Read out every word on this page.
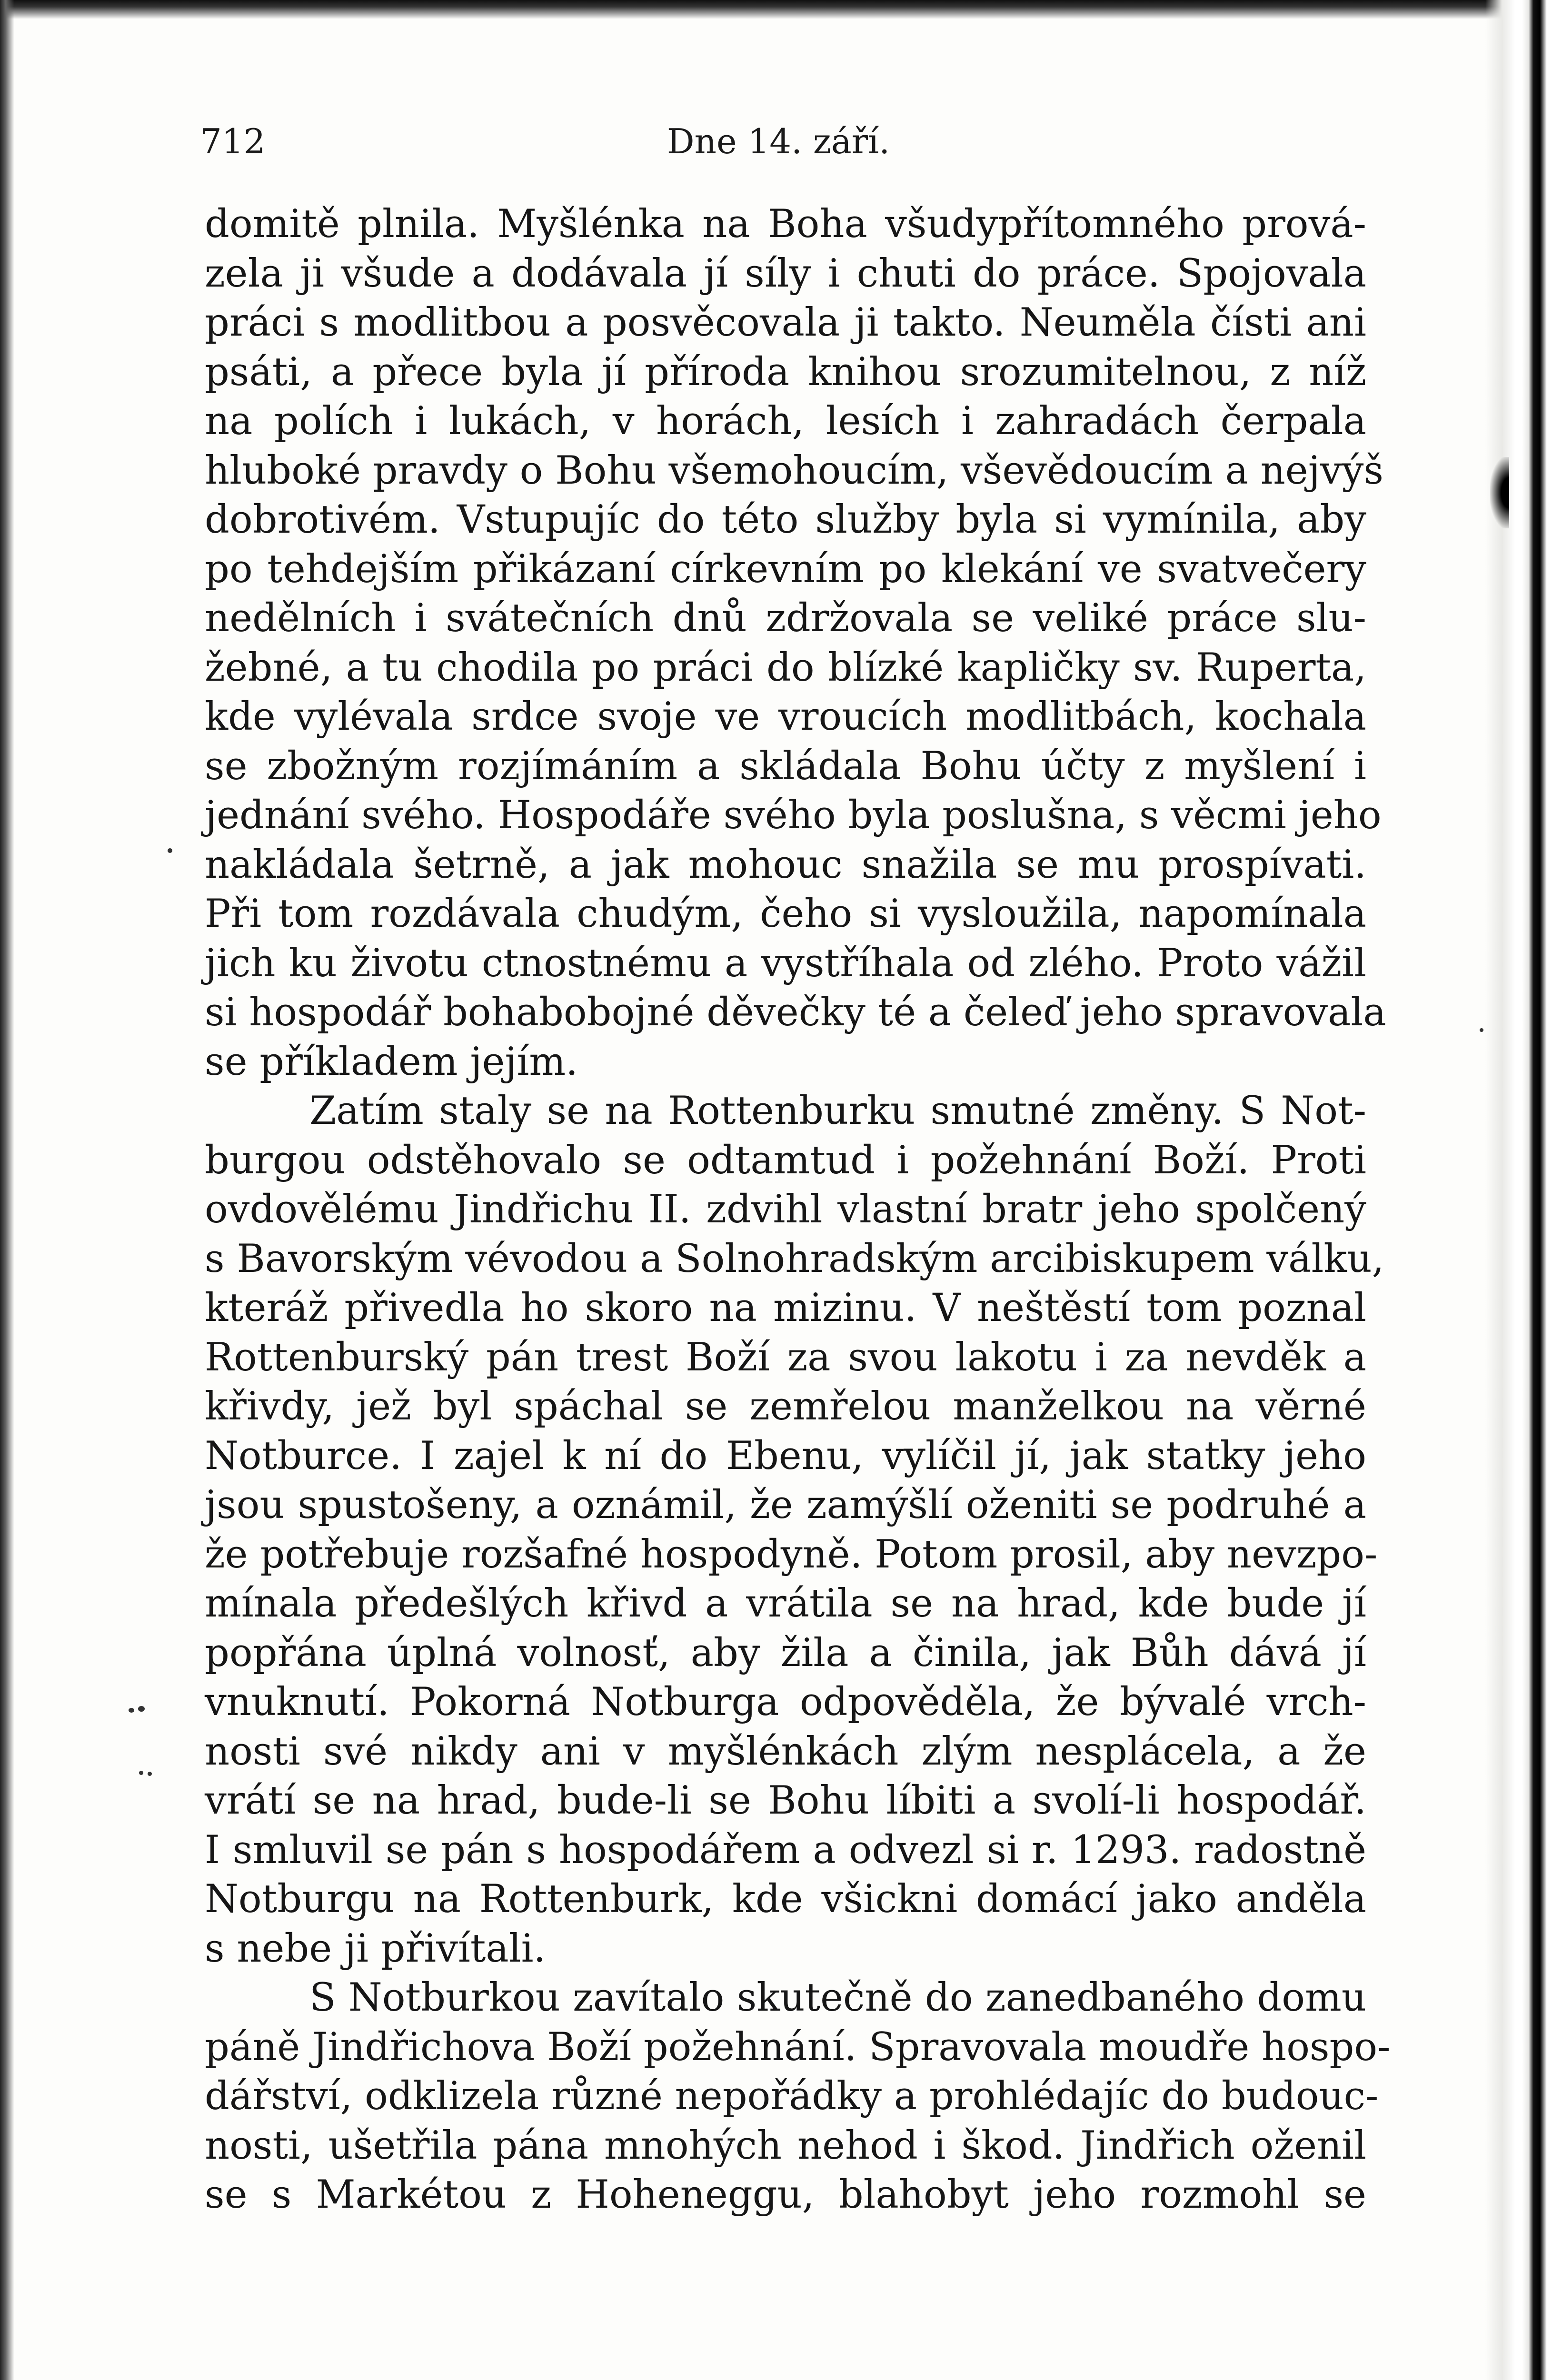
712	Dne 14. září.
domitě plnila. Myšlénka na Boha všudypřítomného prová-
zela ji všude a dodávala jí síly i chuti do práce. Spojovala
práci s modlitbou a posvěcovala ji takto. Neuměla čísti ani
psáti, a přece byla jí příroda knihou srozumitelnou, z níž
na polích i lukách, v horách, lesích i zahradách čerpala
hluboké pravdy o Bohu všemohoucím, vševědoucím a nejvýš
dobrotivém. Vstupujíc do této služby byla si vymínila, aby
po tehdejším přikázaní církevním po klekání ve svatvečery
nedělních i svátečních dnů zdržovala se veliké práce slu-
žebné, a tu chodila po práci do blízké kapličky sv. Ruperta,
kde vylévala srdce svoje ve vroucích modlitbách, kochala
se zbožným rozjímáním a skládala Bohu účty z myšlení i
jednání svého. Hospodáře svého byla poslušna, s věcmi jeho
nakládala šetrně, a jak mohouc snažila se mu prospívati.
Při tom rozdávala chudým, čeho si vysloužila, napomínala
jich ku životu ctnostnému a vystříhala od zlého. Proto vážil
si hospodář bohabobojné děvečky té a čeleď jeho spravovala
se příkladem jejím.
Zatím staly se na Rottenburku smutné změny. S Not-
burgou odstěhovalo se odtamtud i požehnání Boží. Proti
ovdovělému Jindřichu II. zdvihl vlastní bratr jeho spolčený
s Bavorským vévodou a Solnohradským arcibiskupem válku,
kteráž přivedla ho skoro na mizinu. V neštěstí tom poznal
Rottenburský pán trest Boží za svou lakotu i za nevděk a
křivdy, jež byl spáchal se zemřelou manželkou na věrné
Notburce. I zajel k ní do Ebenu, vylíčil jí, jak statky jeho
jsou spustošeny, a oznámil, že zamýšlí oženiti se podruhé a
že potřebuje rozšafné hospodyně. Potom prosil, aby nevzpo-
mínala předešlých křivd a vrátila se na hrad, kde bude jí
popřána úplná volnosť, aby žila a činila, jak Bůh dává jí
vnuknutí. Pokorná Notburga odpověděla, že bývalé vrch-
nosti své nikdy ani v myšlénkách zlým nesplácela, a že
vrátí se na hrad, bude-li se Bohu líbiti a svolí-li hospodář.
I smluvil se pán s hospodářem a odvezl si r. 1293. radostně
Notburgu na Rottenburk, kde všickni domácí jako anděla
s nebe ji přivítali.
S Notburkou zavítalo skutečně do zanedbaného domu
páně Jindřichova Boží požehnání. Spravovala moudře hospo-
dářství, odklizela různé nepořádky a prohlédajíc do budouc-
nosti, ušetřila pána mnohých nehod i škod. Jindřich oženil
se s Markétou z Hoheneggu, blahobyt jeho rozmohl se
